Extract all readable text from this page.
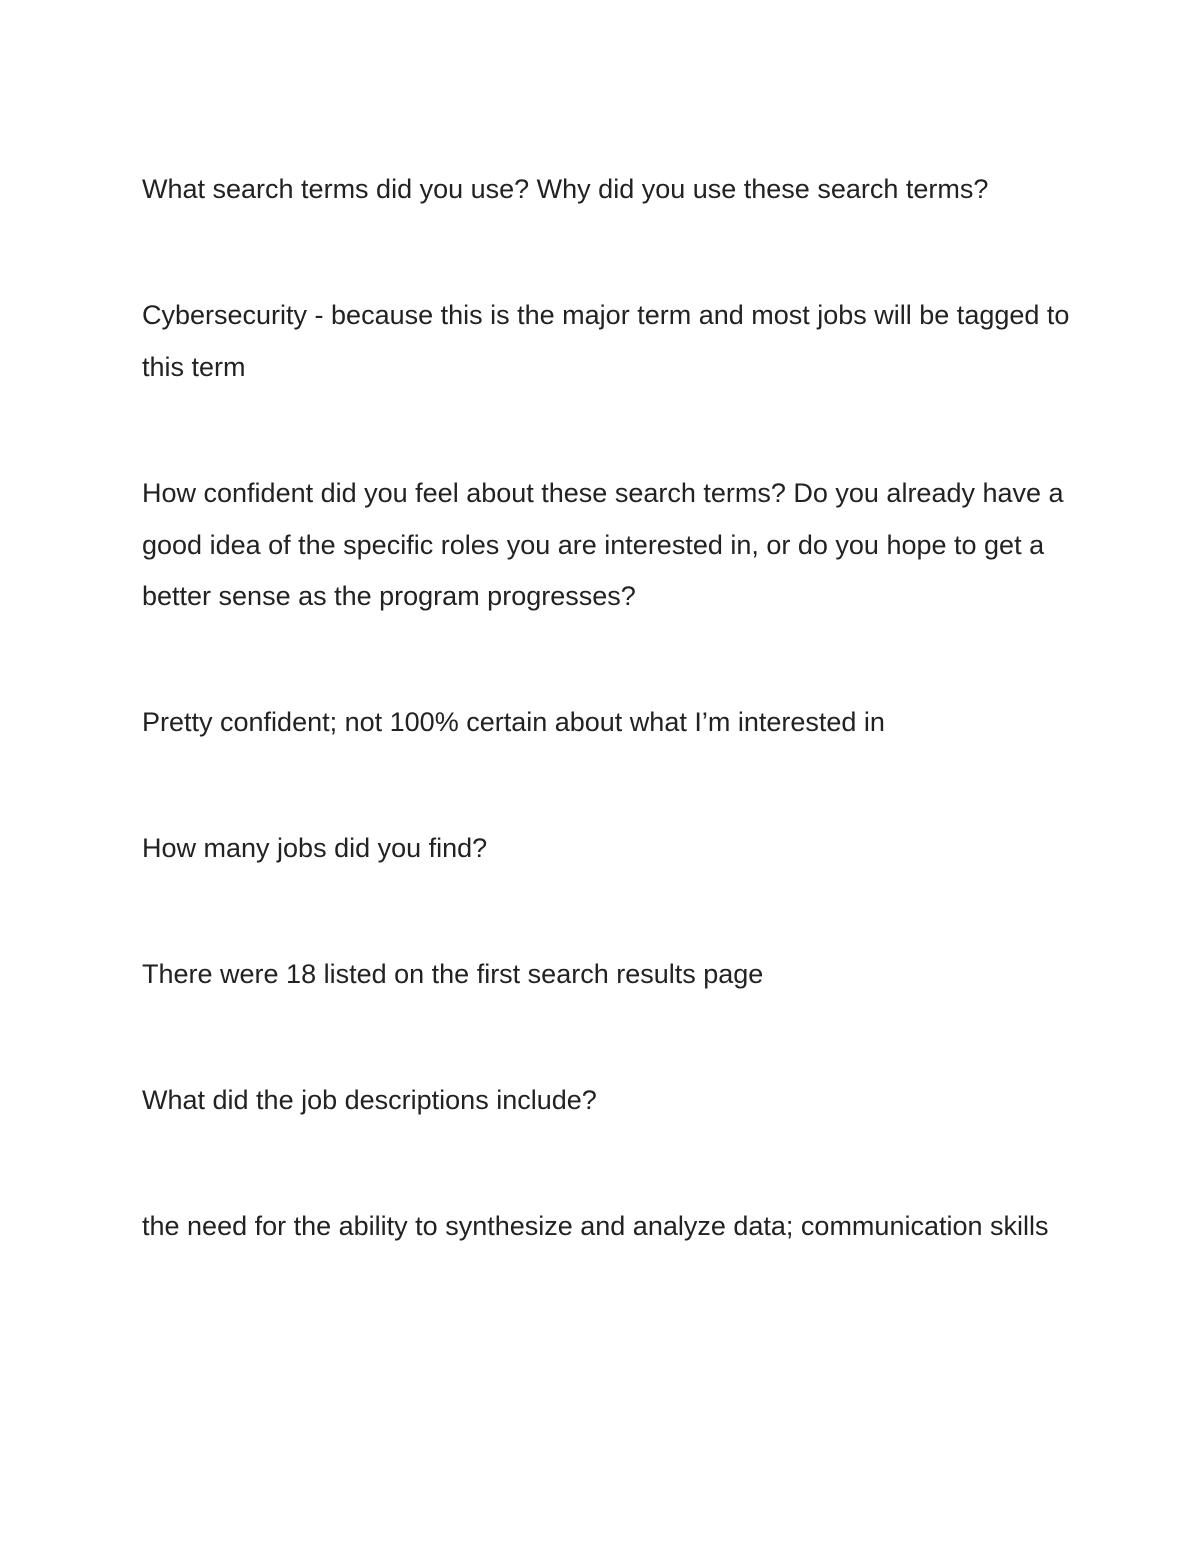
What search terms did you use? Why did you use these search terms?

Cybersecurity - because this is the major term and most jobs will be tagged to this term

How confident did you feel about these search terms? Do you already have a good idea of the specific roles you are interested in, or do you hope to get a better sense as the program progresses?

Pretty confident; not 100% certain about what I’m interested in

How many jobs did you find?

There were 18 listed on the first search results page

What did the job descriptions include?

the need for the ability to synthesize and analyze data; communication skills
